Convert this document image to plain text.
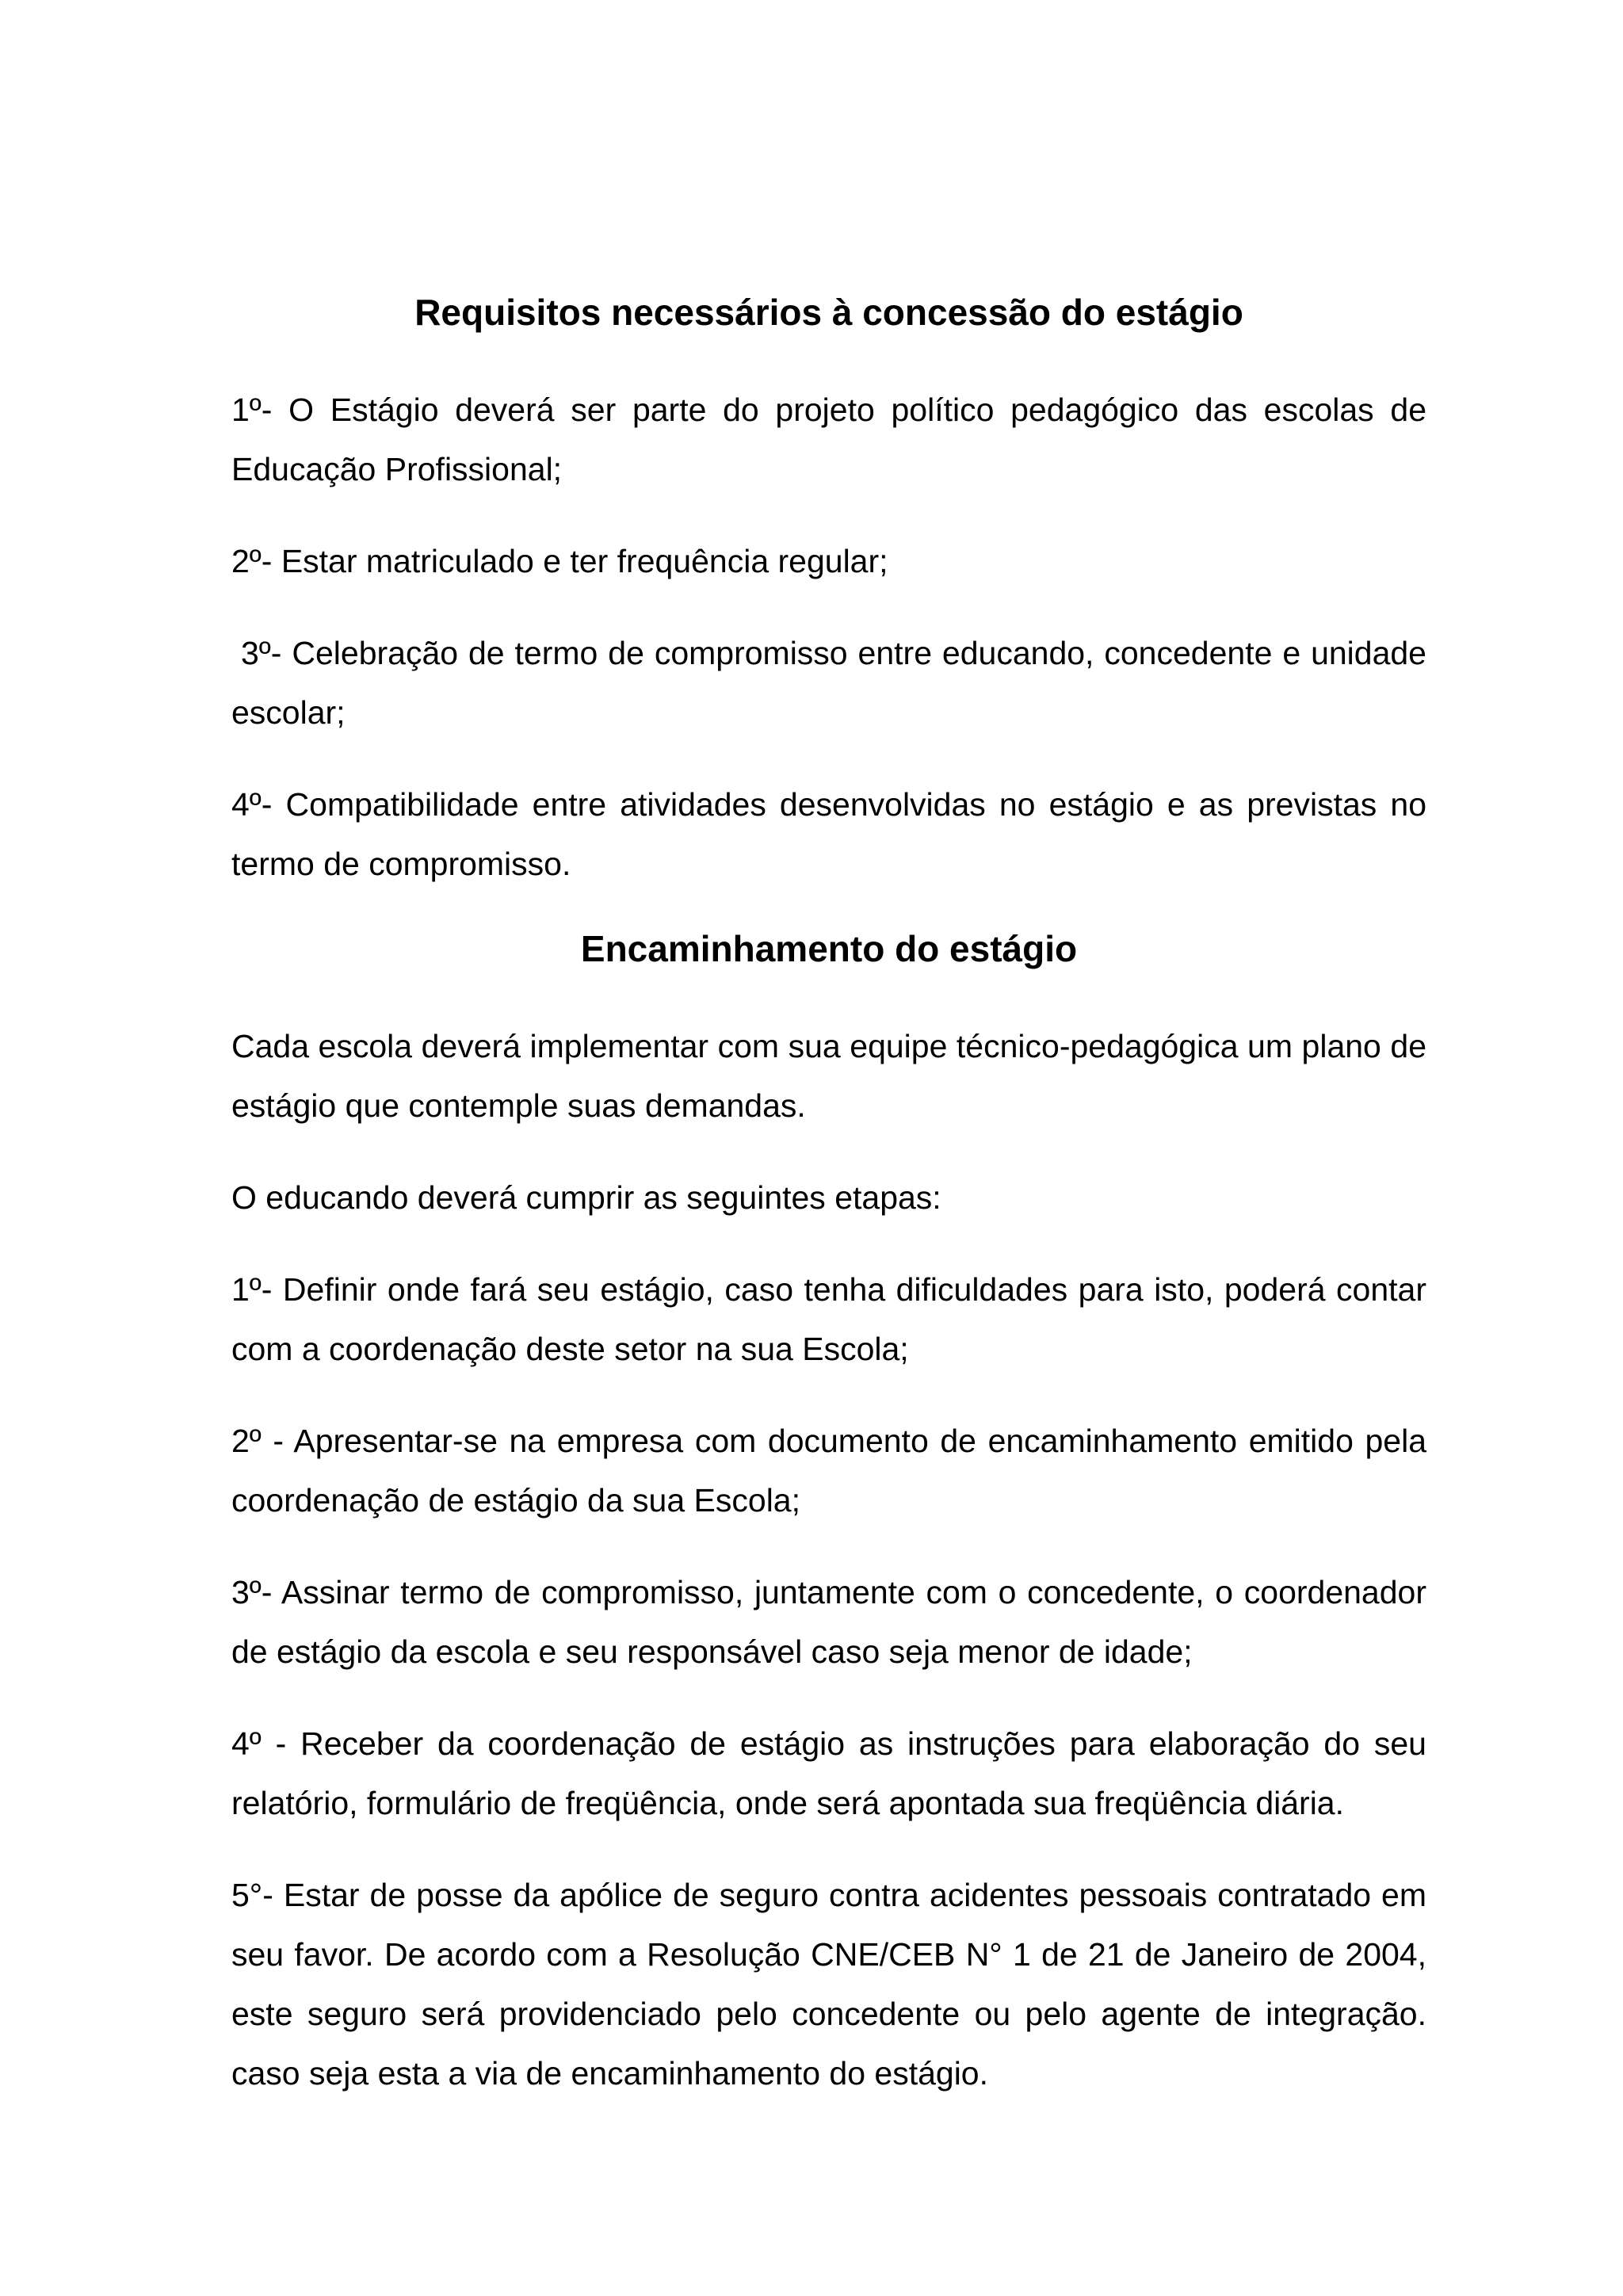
Requisitos necessários à concessão do estágio

1º- O Estágio deverá ser parte do projeto político pedagógico das escolas de Educação Profissional;

2º- Estar matriculado e ter frequência regular;

3º- Celebração de termo de compromisso entre educando, concedente e unidade escolar;

4º- Compatibilidade entre atividades desenvolvidas no estágio e as previstas no termo de compromisso.

Encaminhamento do estágio

Cada escola deverá implementar com sua equipe técnico-pedagógica um plano de estágio que contemple suas demandas.

O educando deverá cumprir as seguintes etapas:

1º- Definir onde fará seu estágio, caso tenha dificuldades para isto, poderá contar com a coordenação deste setor na sua Escola;

2º - Apresentar-se na empresa com documento de encaminhamento emitido pela coordenação de estágio da sua Escola;

3º- Assinar termo de compromisso, juntamente com o concedente, o coordenador de estágio da escola e seu responsável caso seja menor de idade;

4º - Receber da coordenação de estágio as instruções para elaboração do seu relatório, formulário de freqüência, onde será apontada sua freqüência diária.

5°- Estar de posse da apólice de seguro contra acidentes pessoais contratado em seu favor. De acordo com a Resolução CNE/CEB N° 1 de 21 de Janeiro de 2004, este seguro será providenciado pelo concedente ou pelo agente de integração. caso seja esta a via de encaminhamento do estágio.
